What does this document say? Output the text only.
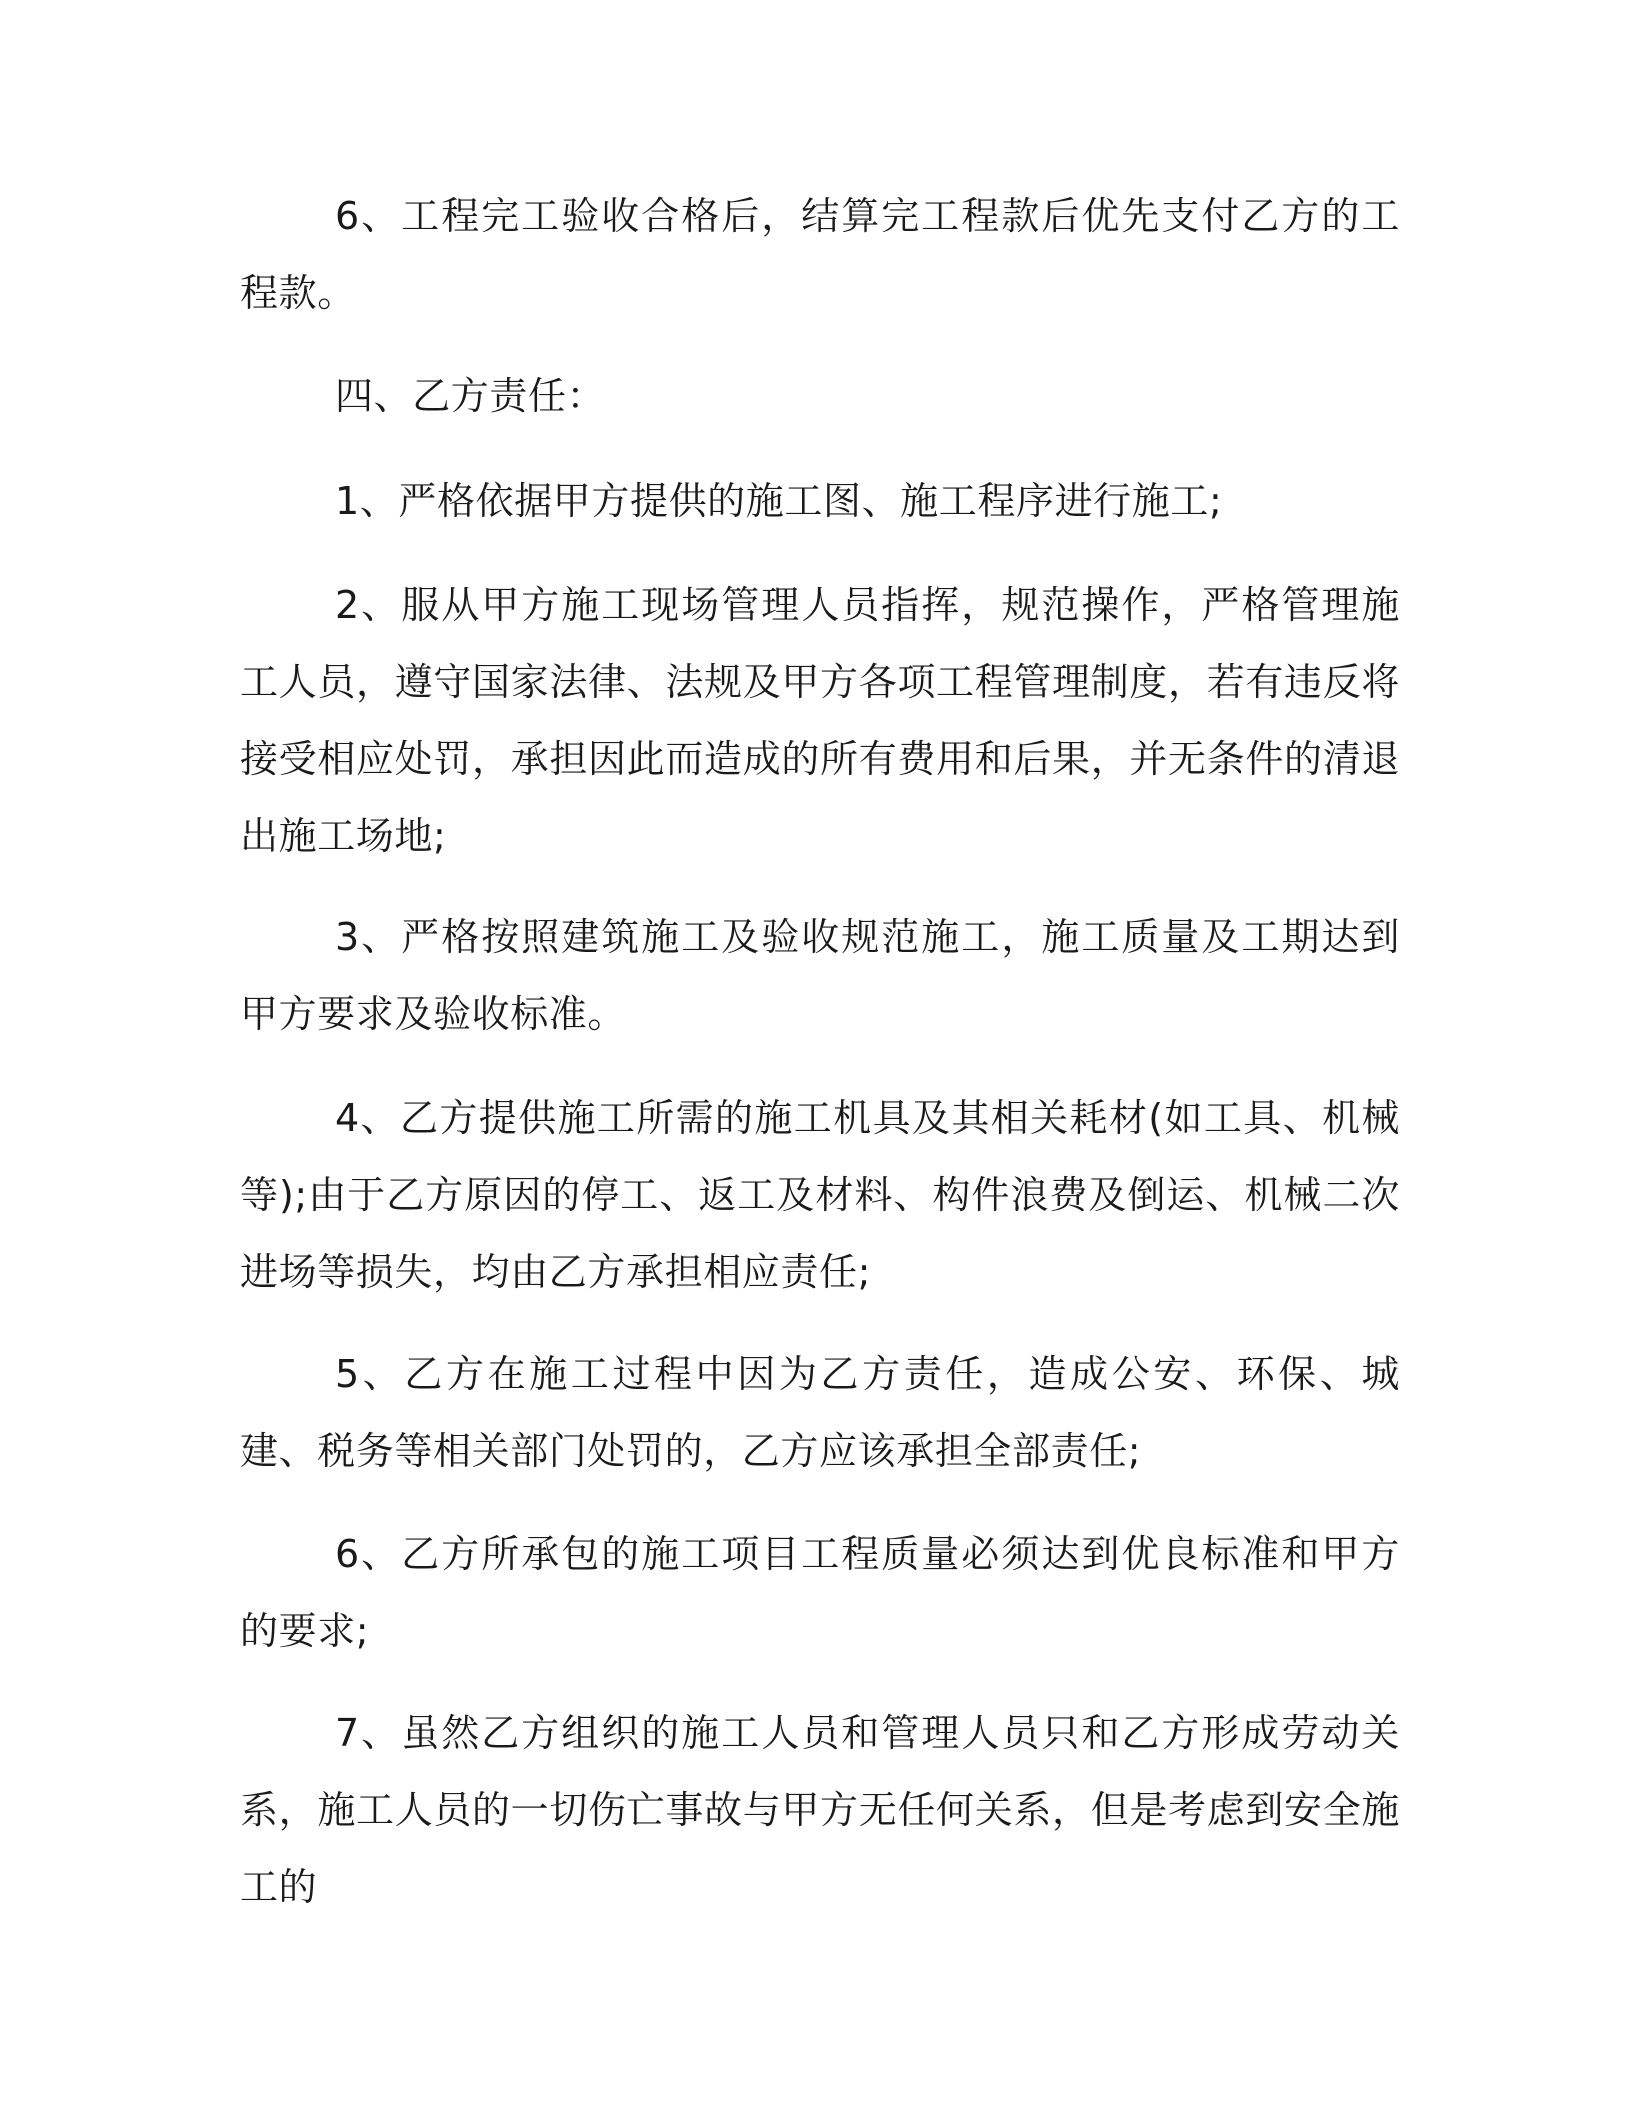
6、工程完工验收合格后，结算完工程款后优先支付乙方的工程款。

四、乙方责任：

1、严格依据甲方提供的施工图、施工程序进行施工;

2、服从甲方施工现场管理人员指挥，规范操作，严格管理施工人员，遵守国家法律、法规及甲方各项工程管理制度，若有违反将接受相应处罚，承担因此而造成的所有费用和后果，并无条件的清退出施工场地;

3、严格按照建筑施工及验收规范施工，施工质量及工期达到甲方要求及验收标准。

4、乙方提供施工所需的施工机具及其相关耗材(如工具、机械等);由于乙方原因的停工、返工及材料、构件浪费及倒运、机械二次进场等损失，均由乙方承担相应责任;

5、乙方在施工过程中因为乙方责任，造成公安、环保、城建、税务等相关部门处罚的，乙方应该承担全部责任;

6、乙方所承包的施工项目工程质量必须达到优良标准和甲方的要求;

7、虽然乙方组织的施工人员和管理人员只和乙方形成劳动关系，施工人员的一切伤亡事故与甲方无任何关系，但是考虑到安全施工的
